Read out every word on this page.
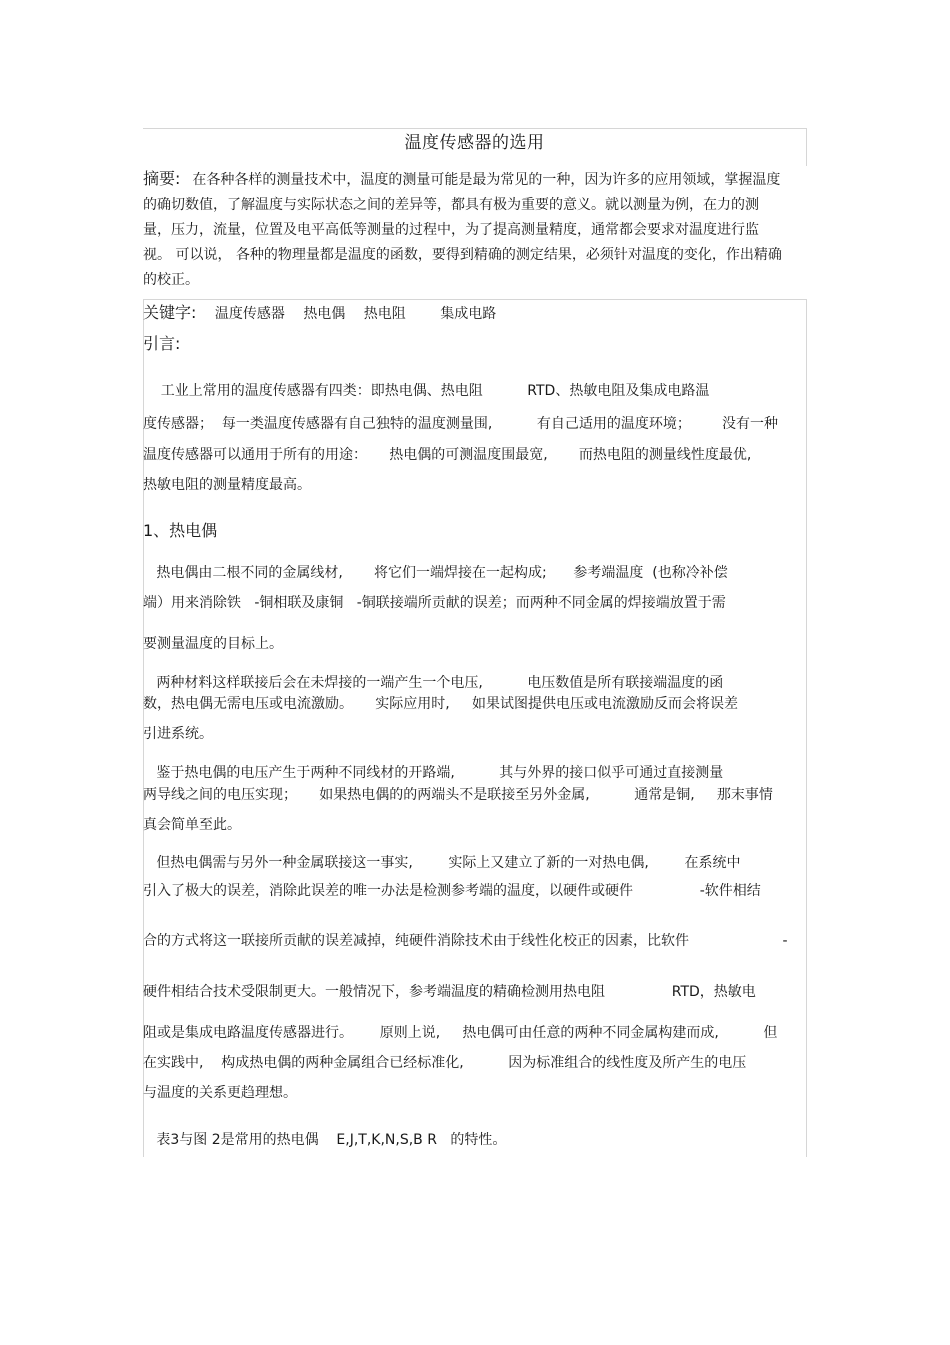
温度传感器的选用
摘要: 在各种各样的测量技术中，温度的测量可能是最为常见的一种，因为许多的应用领域，掌握温度的确切数值，了解温度与实际状态之间的差异等，都具有极为重要的意义。就以测量为例，在力的测量，压力，流量，位置及电平高低等测量的过程中，为了提高测量精度，通常都会要求对温度进行监视。 可以说， 各种的物理量都是温度的函数，要得到精确的测定结果，必须针对温度的变化，作出精确的校正。
关键字: 温度传感器 热电偶 热电阻 集成电路
引言:
工业上常用的温度传感器有四类：即热电偶、热电阻          RTD、热敏电阻及集成电路温
度传感器；  每一类温度传感器有自己独特的温度测量围,          有自己适用的温度环境；       没有一种
温度传感器可以通用于所有的用途：     热电偶的可测温度围最宽,       而热电阻的测量线性度最优,
热敏电阻的测量精度最高。
1、热电偶
热电偶由二根不同的金属线材,       将它们一端焊接在一起构成;      参考端温度  (也称冷补偿
端）用来消除铁   -铜相联及康铜   -铜联接端所贡献的误差；而两种不同金属的焊接端放置于需
要测量温度的目标上。
两种材料这样联接后会在未焊接的一端产生一个电压,          电压数值是所有联接端温度的函
数，热电偶无需电压或电流激励。     实际应用时,     如果试图提供电压或电流激励反而会将误差
引进系统。
鉴于热电偶的电压产生于两种不同线材的开路端,          其与外界的接口似乎可通过直接测量
两导线之间的电压实现；     如果热电偶的的两端头不是联接至另外金属,          通常是铜,     那末事情
真会简单至此。
但热电偶需与另外一种金属联接这一事实,        实际上又建立了新的一对热电偶,        在系统中
引入了极大的误差，消除此误差的唯一办法是检测参考端的温度，以硬件或硬件               -软件相结
合的方式将这一联接所贡献的误差减掉，纯硬件消除技术由于线性化校正的因素，比软件                     -
硬件相结合技术受限制更大。一般情况下，参考端温度的精确检测用热电阻               RTD，热敏电
阻或是集成电路温度传感器进行。      原则上说,     热电偶可由任意的两种不同金属构建而成,          但
在实践中,    构成热电偶的两种金属组合已经标准化,          因为标准组合的线性度及所产生的电压
与温度的关系更趋理想。
表3与图 2是常用的热电偶    E,J,T,K,N,S,B R   的特性。
